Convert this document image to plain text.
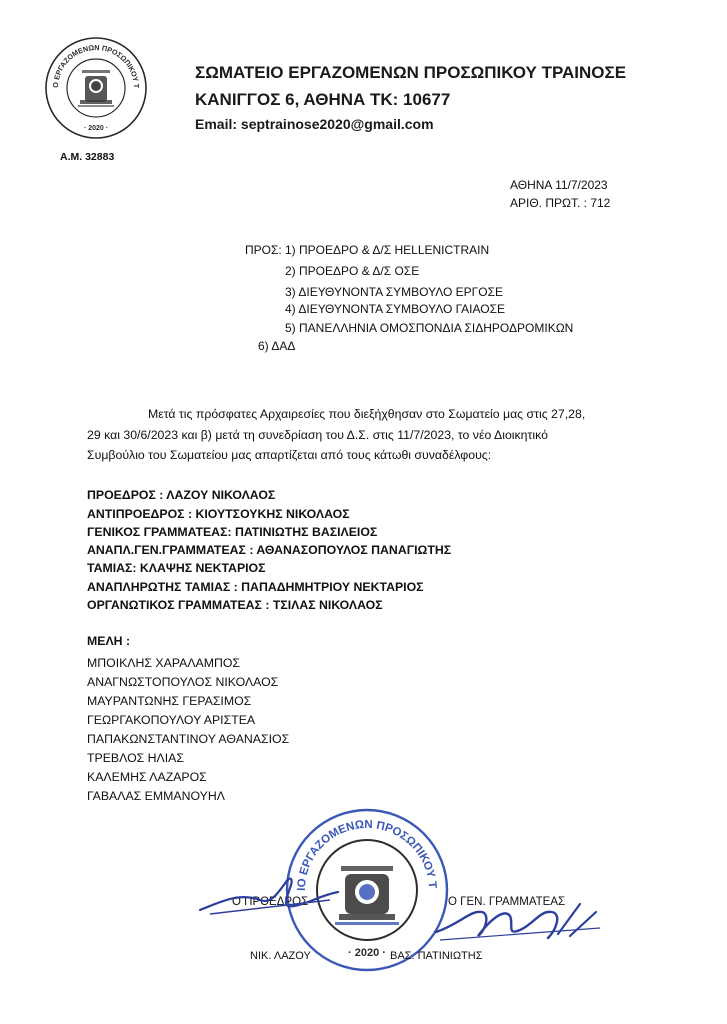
Ο ΕΡΓΑΖΟΜΕΝΩΝ ΠΡΟΣΩΠΙΚΟΥ Τ
· 2020 ·
ΣΩΜΑΤΕΙΟ ΕΡΓΑΖΟΜΕΝΩΝ ΠΡΟΣΩΠΙΚΟΥ ΤΡΑΙΝΟΣΕ
ΚΑΝΙΓΓΟΣ 6, ΑΘΗΝΑ ΤΚ: 10677
Email: septrainose2020@gmail.com
Α.Μ. 32883
ΑΘΗΝΑ 11/7/2023
ΑΡΙΘ. ΠΡΩΤ. : 712
ΠΡΟΣ: 1) ΠΡΟΕΔΡΟ & Δ/Σ HELLENICTRAIN
2) ΠΡΟΕΔΡΟ & Δ/Σ ΟΣΕ
3) ΔΙΕΥΘΥΝΟΝΤΑ ΣΥΜΒΟΥΛΟ ΕΡΓΟΣΕ
4) ΔΙΕΥΘΥΝΟΝΤΑ ΣΥΜΒΟΥΛΟ ΓΑΙΑΟΣΕ
5) ΠΑΝΕΛΛΗΝΙΑ ΟΜΟΣΠΟΝΔΙΑ ΣΙΔΗΡΟΔΡΟΜΙΚΩΝ
6) ΔΑΔ
Μετά τις πρόσφατες Αρχαιρεσίες που διεξήχθησαν στο Σωματείο μας στις 27,28,
29 και 30/6/2023 και β) μετά τη συνεδρίαση του Δ.Σ. στις 11/7/2023, το νέο Διοικητικό
Συμβούλιο του Σωματείου μας απαρτίζεται από τους κάτωθι συναδέλφους:
ΠΡΟΕΔΡΟΣ : ΛΑΖΟΥ ΝΙΚΟΛΑΟΣ
ΑΝΤΙΠΡΟΕΔΡΟΣ : ΚΙΟΥΤΣΟΥΚΗΣ ΝΙΚΟΛΑΟΣ
ΓΕΝΙΚΟΣ ΓΡΑΜΜΑΤΕΑΣ: ΠΑΤΙΝΙΩΤΗΣ ΒΑΣΙΛΕΙΟΣ
ΑΝΑΠΛ.ΓΕΝ.ΓΡΑΜΜΑΤΕΑΣ : ΑΘΑΝΑΣΟΠΟΥΛΟΣ ΠΑΝΑΓΙΩΤΗΣ
ΤΑΜΙΑΣ: ΚΛΑΨΗΣ ΝΕΚΤΑΡΙΟΣ
ΑΝΑΠΛΗΡΩΤΗΣ ΤΑΜΙΑΣ : ΠΑΠΑΔΗΜΗΤΡΙΟΥ ΝΕΚΤΑΡΙΟΣ
ΟΡΓΑΝΩΤΙΚΟΣ ΓΡΑΜΜΑΤΕΑΣ : ΤΣΙΛΑΣ ΝΙΚΟΛΑΟΣ
ΜΕΛΗ :
ΜΠΟΙΚΛΗΣ ΧΑΡΑΛΑΜΠΟΣ
ΑΝΑΓΝΩΣΤΟΠΟΥΛΟΣ ΝΙΚΟΛΑΟΣ
ΜΑΥΡΑΝΤΩΝΗΣ ΓΕΡΑΣΙΜΟΣ
ΓΕΩΡΓΑΚΟΠΟΥΛΟΥ ΑΡΙΣΤΕΑ
ΠΑΠΑΚΩΝΣΤΑΝΤΙΝΟΥ ΑΘΑΝΑΣΙΟΣ
ΤΡΕΒΛΟΣ ΗΛΙΑΣ
ΚΑΛΕΜΗΣ ΛΑΖΑΡΟΣ
ΓΑΒΑΛΑΣ ΕΜΜΑΝΟΥΗΛ
ΙΟ ΕΡΓΑΖΟΜΕΝΩΝ ΠΡΟΣΩΠΙΚΟΥ Τ
· 2020 ·
Ο ΠΡΟΕΔΡΟΣ	Ο ΓΕΝ. ΓΡΑΜΜΑΤΕΑΣ
ΝΙΚ. ΛΑΖΟΥ	ΒΑΣ. ΠΑΤΙΝΙΩΤΗΣ
